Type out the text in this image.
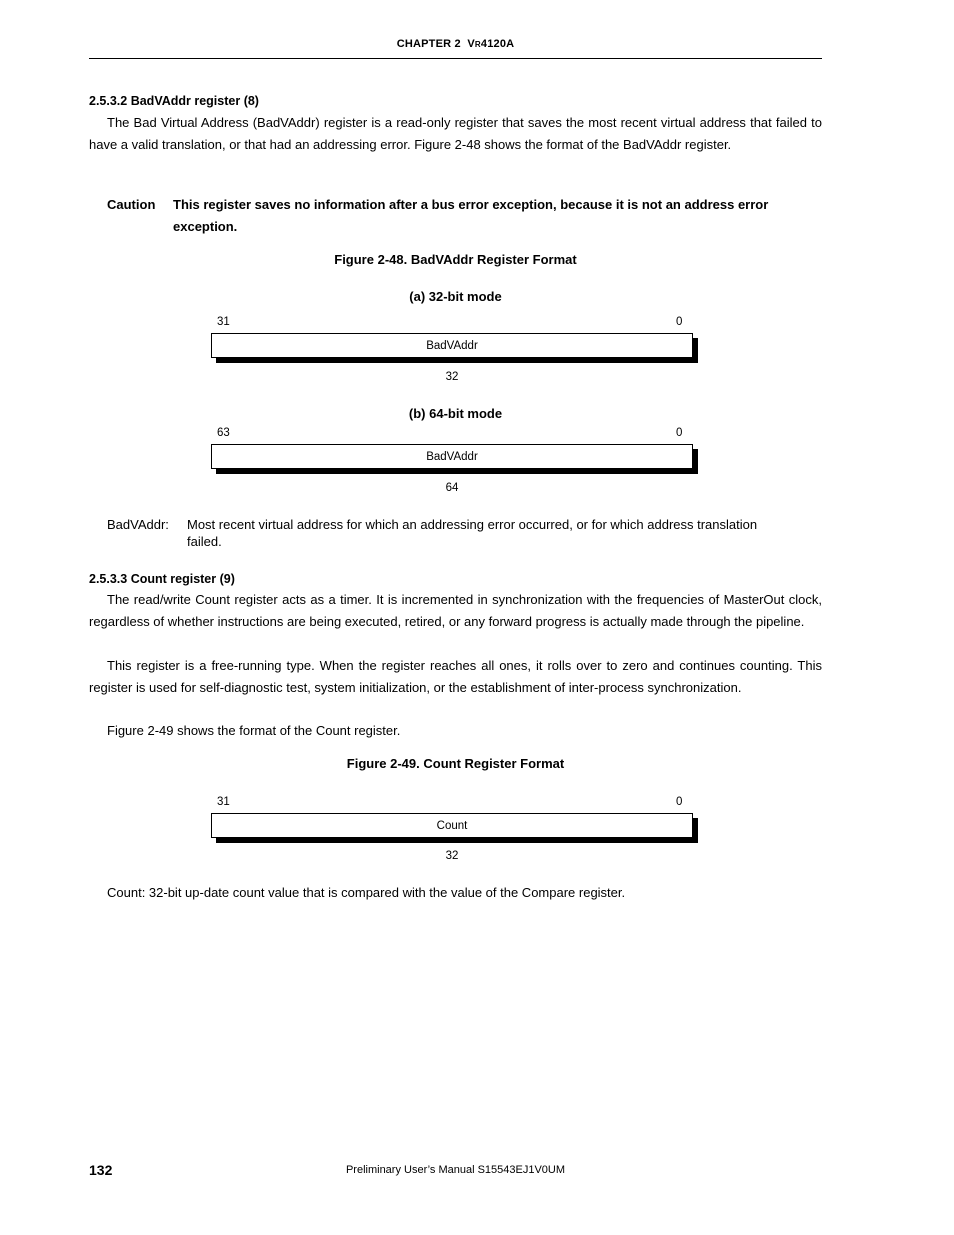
CHAPTER 2 VR4120A
2.5.3.2 BadVAddr register (8)
The Bad Virtual Address (BadVAddr) register is a read-only register that saves the most recent virtual address that failed to have a valid translation, or that had an addressing error. Figure 2-48 shows the format of the BadVAddr register.
Caution This register saves no information after a bus error exception, because it is not an address error
exception.
Figure 2-48. BadVAddr Register Format
(a) 32-bit mode
31	0
BadVAddr
32
(b) 64-bit mode
63	0
BadVAddr
64
BadVAddr: Most recent virtual address for which an addressing error occurred, or for which address translation
failed.
2.5.3.3 Count register (9)
The read/write Count register acts as a timer. It is incremented in synchronization with the frequencies of MasterOut clock, regardless of whether instructions are being executed, retired, or any forward progress is actually made through the pipeline.
This register is a free-running type. When the register reaches all ones, it rolls over to zero and continues counting. This register is used for self-diagnostic test, system initialization, or the establishment of inter-process synchronization.
Figure 2-49 shows the format of the Count register.
Figure 2-49. Count Register Format
31	0
Count
32
Count: 32-bit up-date count value that is compared with the value of the Compare register.
132	Preliminary User’s Manual S15543EJ1V0UM
